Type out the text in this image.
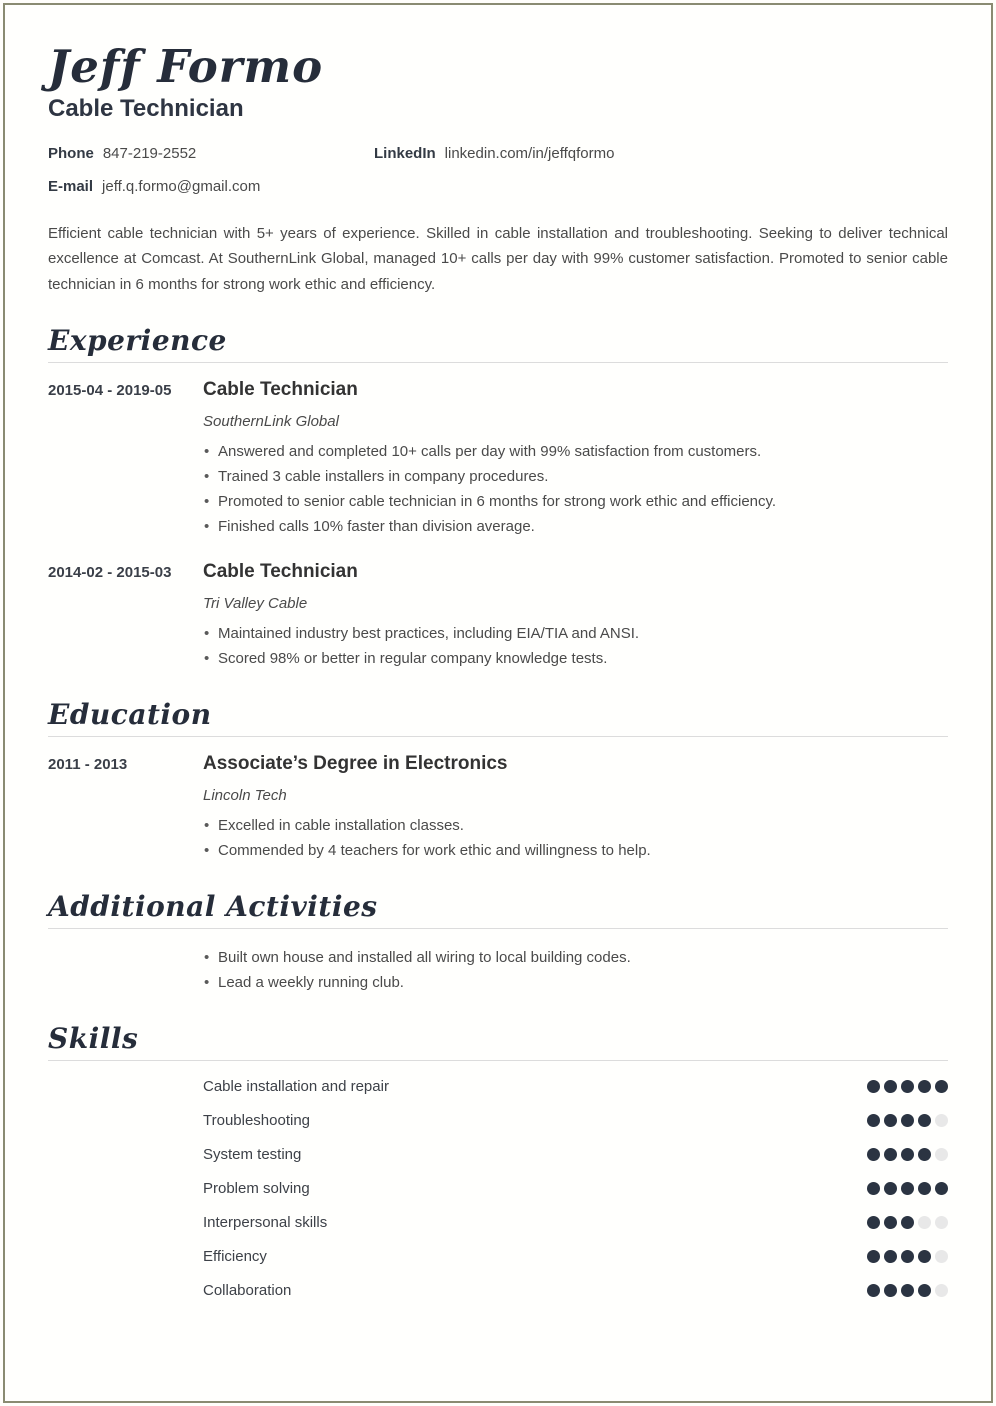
Jeff Formo
Cable Technician
Phone 847-219-2552	LinkedIn linkedin.com/in/jeffqformo
E-mail jeff.q.formo@gmail.com

Efficient cable technician with 5+ years of experience. Skilled in cable installation and troubleshooting. Seeking to deliver technical excellence at Comcast. At SouthernLink Global, managed 10+ calls per day with 99% customer satisfaction. Promoted to senior cable technician in 6 months for strong work ethic and efficiency.

Experience
2015-04 - 2019-05	Cable Technician
SouthernLink Global
• Answered and completed 10+ calls per day with 99% satisfaction from customers.
• Trained 3 cable installers in company procedures.
• Promoted to senior cable technician in 6 months for strong work ethic and efficiency.
• Finished calls 10% faster than division average.
2014-02 - 2015-03	Cable Technician
Tri Valley Cable
• Maintained industry best practices, including EIA/TIA and ANSI.
• Scored 98% or better in regular company knowledge tests.
Education
2011 - 2013	Associate’s Degree in Electronics
Lincoln Tech
• Excelled in cable installation classes.
• Commended by 4 teachers for work ethic and willingness to help.
Additional Activities
• Built own house and installed all wiring to local building codes.
• Lead a weekly running club.
Skills
Cable installation and repair
Troubleshooting
System testing
Problem solving
Interpersonal skills
Efficiency
Collaboration
